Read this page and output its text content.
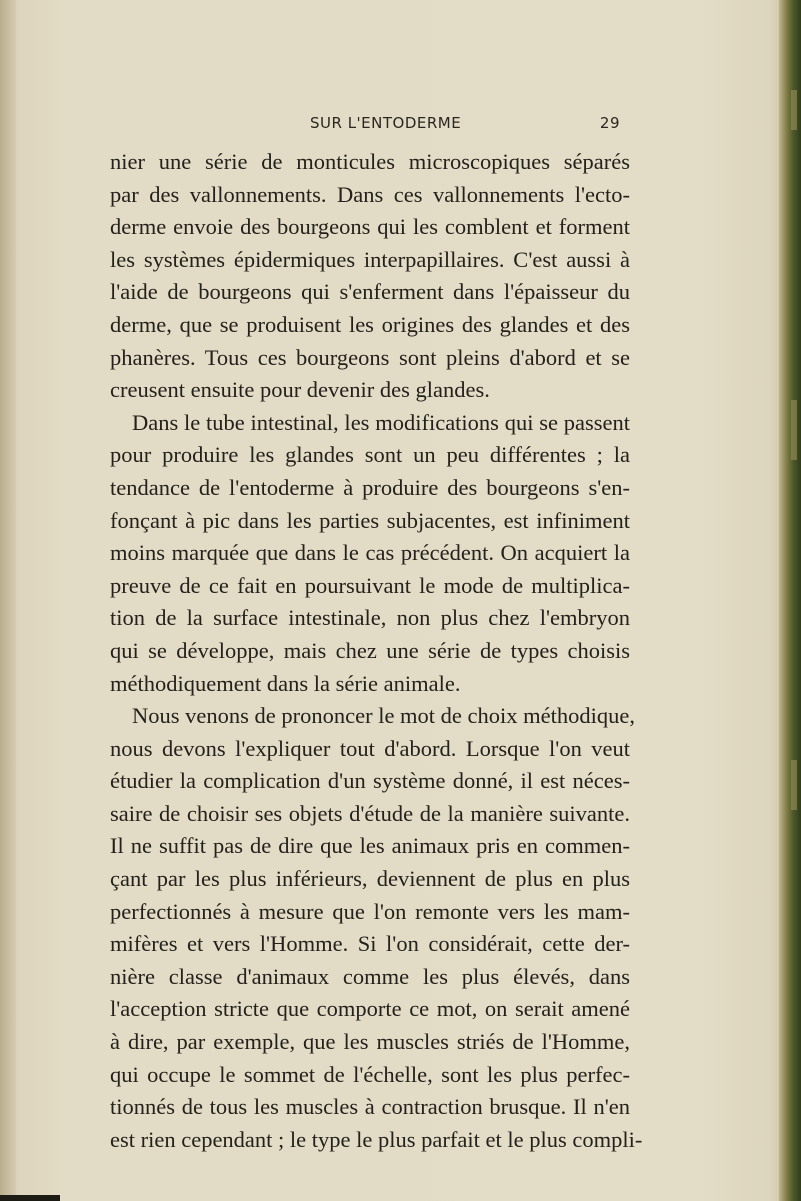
SUR L'ENTODERME	29
nier une série de monticules microscopiques séparés
par des vallonnements. Dans ces vallonnements l'ecto-
derme envoie des bourgeons qui les comblent et forment
les systèmes épidermiques interpapillaires. C'est aussi à
l'aide de bourgeons qui s'enferment dans l'épaisseur du
derme, que se produisent les origines des glandes et des
phanères. Tous ces bourgeons sont pleins d'abord et se
creusent ensuite pour devenir des glandes.
Dans le tube intestinal, les modifications qui se passent
pour produire les glandes sont un peu différentes ; la
tendance de l'entoderme à produire des bourgeons s'en-
fonçant à pic dans les parties subjacentes, est infiniment
moins marquée que dans le cas précédent. On acquiert la
preuve de ce fait en poursuivant le mode de multiplica-
tion de la surface intestinale, non plus chez l'embryon
qui se développe, mais chez une série de types choisis
méthodiquement dans la série animale.
Nous venons de prononcer le mot de choix méthodique,
nous devons l'expliquer tout d'abord. Lorsque l'on veut
étudier la complication d'un système donné, il est néces-
saire de choisir ses objets d'étude de la manière suivante.
Il ne suffit pas de dire que les animaux pris en commen-
çant par les plus inférieurs, deviennent de plus en plus
perfectionnés à mesure que l'on remonte vers les mam-
mifères et vers l'Homme. Si l'on considérait, cette der-
nière classe d'animaux comme les plus élevés, dans
l'acception stricte que comporte ce mot, on serait amené
à dire, par exemple, que les muscles striés de l'Homme,
qui occupe le sommet de l'échelle, sont les plus perfec-
tionnés de tous les muscles à contraction brusque. Il n'en
est rien cependant ; le type le plus parfait et le plus compli-
